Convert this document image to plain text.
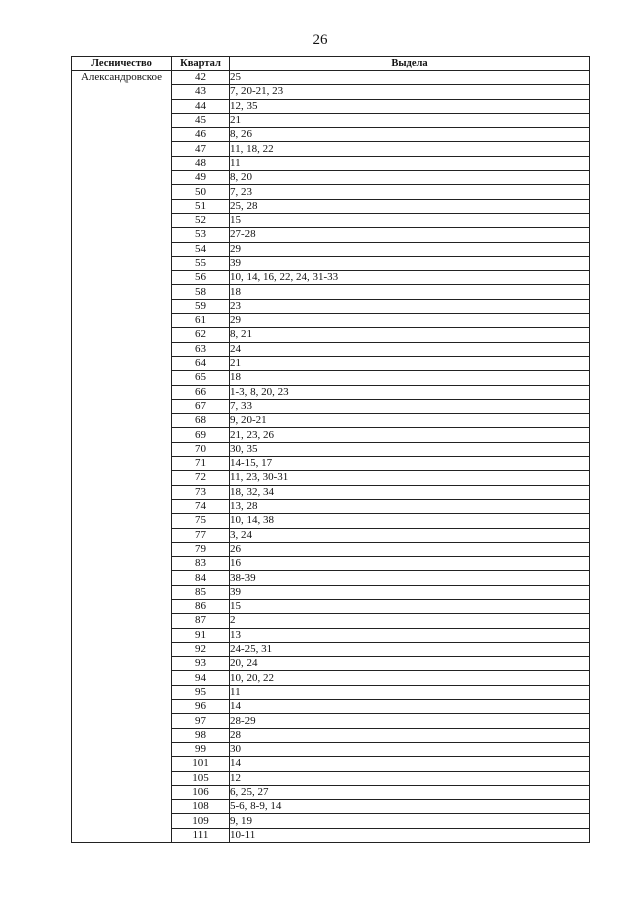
26
Лесничество	Квартал	Выдела
Александровское	42	25
	43	7, 20-21, 23
	44	12, 35
	45	21
	46	8, 26
	47	11, 18, 22
	48	11
	49	8, 20
	50	7, 23
	51	25, 28
	52	15
	53	27-28
	54	29
	55	39
	56	10, 14, 16, 22, 24, 31-33
	58	18
	59	23
	61	29
	62	8, 21
	63	24
	64	21
	65	18
	66	1-3, 8, 20, 23
	67	7, 33
	68	9, 20-21
	69	21, 23, 26
	70	30, 35
	71	14-15, 17
	72	11, 23, 30-31
	73	18, 32, 34
	74	13, 28
	75	10, 14, 38
	77	3, 24
	79	26
	83	16
	84	38-39
	85	39
	86	15
	87	2
	91	13
	92	24-25, 31
	93	20, 24
	94	10, 20, 22
	95	11
	96	14
	97	28-29
	98	28
	99	30
	101	14
	105	12
	106	6, 25, 27
	108	5-6, 8-9, 14
	109	9, 19
	111	10-11
